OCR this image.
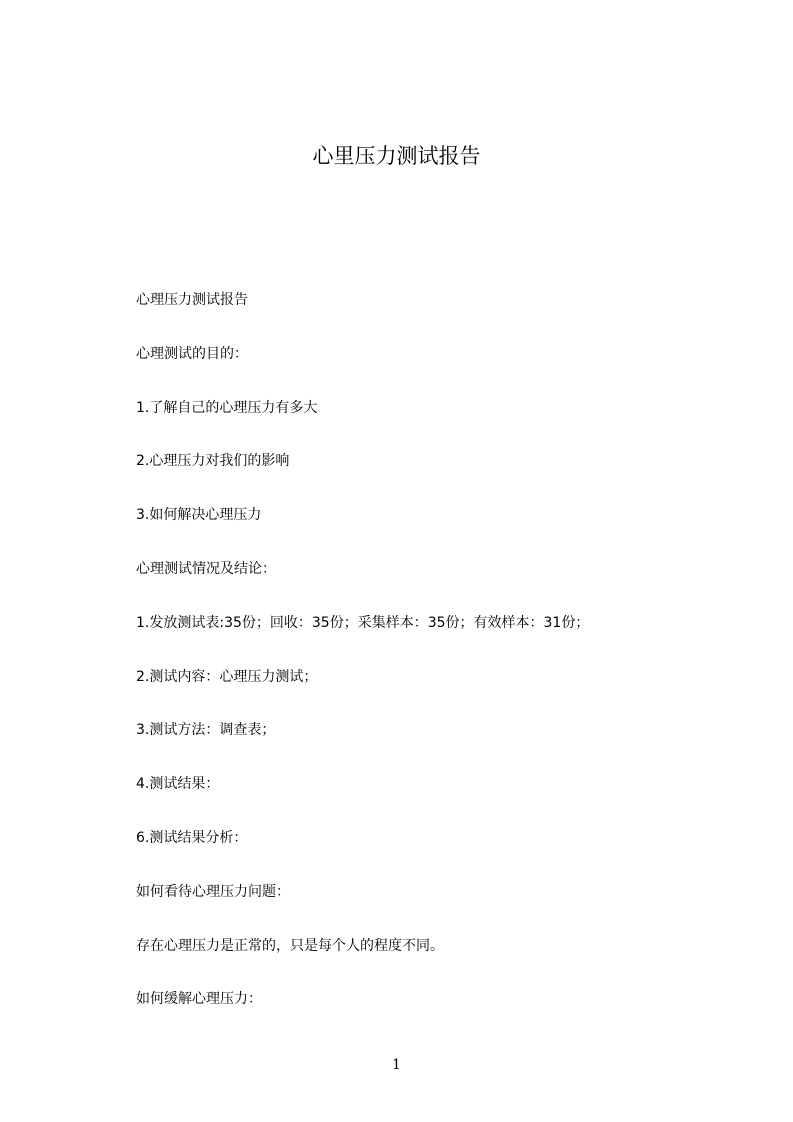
心里压力测试报告
心理压力测试报告
心理测试的目的：
1.了解自己的心理压力有多大
2.心理压力对我们的影响
3.如何解决心理压力
心理测试情况及结论：
1.发放测试表:35份；回收：35份；采集样本：35份；有效样本：31份；
2.测试内容：心理压力测试；
3.测试方法：调查表；
4.测试结果：
6.测试结果分析：
如何看待心理压力问题：
存在心理压力是正常的，只是每个人的程度不同。
如何缓解心理压力：
1
